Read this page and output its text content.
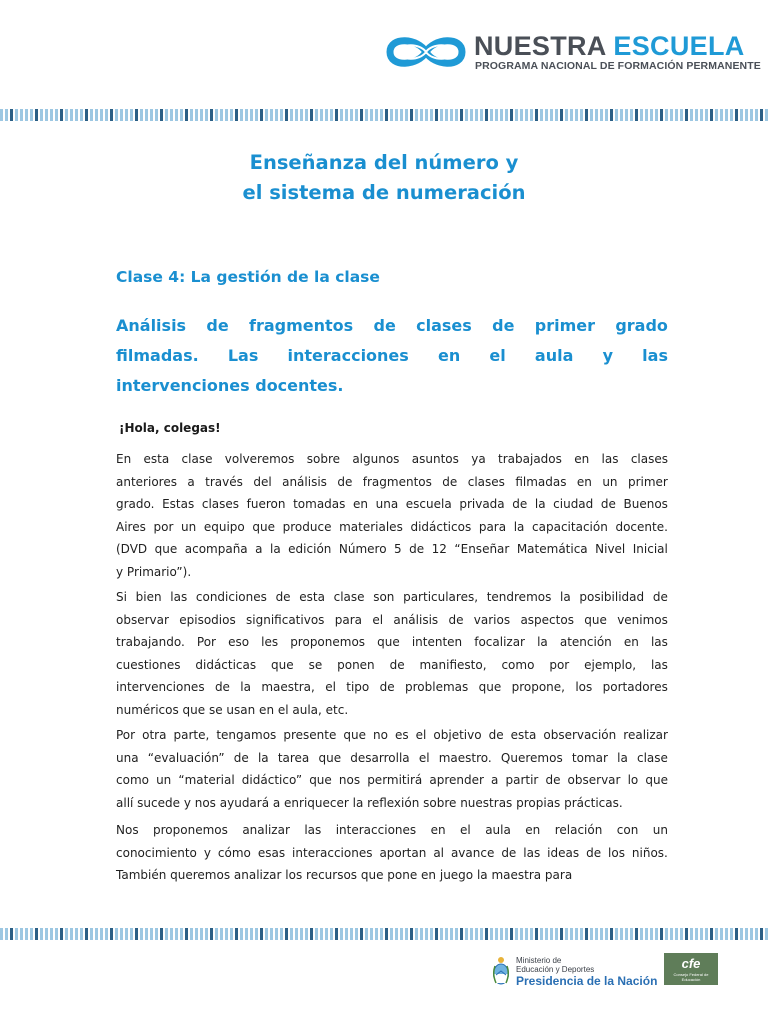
NUESTRA ESCUELA
PROGRAMA NACIONAL DE FORMACIÓN PERMANENTE
Enseñanza del número y
el sistema de numeración
Clase 4: La gestión de la clase
Análisis de fragmentos de clases de primer grado
filmadas. Las interacciones en el aula y las
intervenciones docentes.
¡Hola, colegas!
En esta clase volveremos sobre algunos asuntos ya trabajados en las clases
anteriores a través del análisis de fragmentos de clases filmadas en un primer
grado. Estas clases fueron tomadas en una escuela privada de la ciudad de Buenos
Aires por un equipo que produce materiales didácticos para la capacitación docente.
(DVD que acompaña a la edición Número 5 de 12 “Enseñar Matemática Nivel Inicial
y Primario”).
Si bien las condiciones de esta clase son particulares, tendremos la posibilidad de
observar episodios significativos para el análisis de varios aspectos que venimos
trabajando. Por eso les proponemos que intenten focalizar la atención en las
cuestiones didácticas que se ponen de manifiesto, como por ejemplo, las
intervenciones de la maestra, el tipo de problemas que propone, los portadores
numéricos que se usan en el aula, etc.
Por otra parte, tengamos presente que no es el objetivo de esta observación realizar
una “evaluación” de la tarea que desarrolla el maestro. Queremos tomar la clase
como un “material didáctico” que nos permitirá aprender a partir de observar lo que
allí sucede y nos ayudará a enriquecer la reflexión sobre nuestras propias prácticas.
Nos proponemos analizar las interacciones en el aula en relación con un
conocimiento y cómo esas interacciones aportan al avance de las ideas de los niños.
También queremos analizar los recursos que pone en juego la maestra para
Ministerio de
Educación y Deportes
Presidencia de la Nación
cfe
Consejo Federal de Educación
